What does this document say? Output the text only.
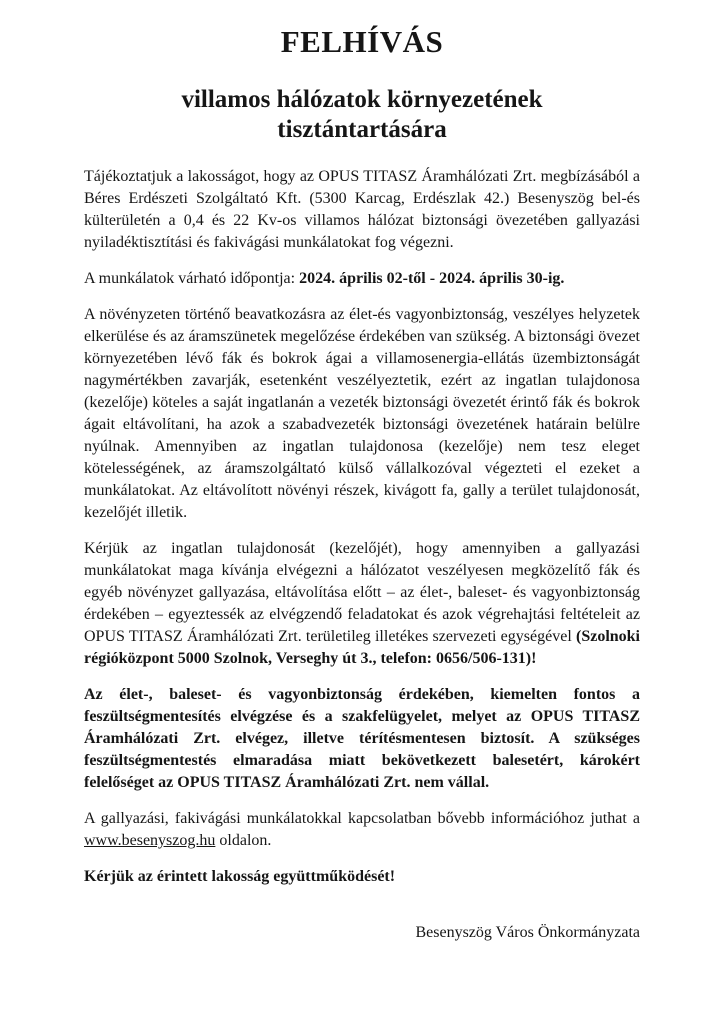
FELHÍVÁS
villamos hálózatok környezetének tisztántartására

Tájékoztatjuk a lakosságot, hogy az OPUS TITASZ Áramhálózati Zrt. megbízásából a Béres Erdészeti Szolgáltató Kft. (5300 Karcag, Erdészlak 42.) Besenyszög bel-és külterületén a 0,4 és 22 Kv-os villamos hálózat biztonsági övezetében gallyazási nyiladéktisztítási és fakivágási munkálatokat fog végezni.

A munkálatok várható időpontja: 2024. április 02-től - 2024. április 30-ig.

A növényzeten történő beavatkozásra az élet-és vagyonbiztonság, veszélyes helyzetek elkerülése és az áramszünetek megelőzése érdekében van szükség. A biztonsági övezet környezetében lévő fák és bokrok ágai a villamosenergia-ellátás üzembiztonságát nagymértékben zavarják, esetenként veszélyeztetik, ezért az ingatlan tulajdonosa (kezelője) köteles a saját ingatlanán a vezeték biztonsági övezetét érintő fák és bokrok ágait eltávolítani, ha azok a szabadvezeték biztonsági övezetének határain belülre nyúlnak. Amennyiben az ingatlan tulajdonosa (kezelője) nem tesz eleget kötelességének, az áramszolgáltató külső vállalkozóval végezteti el ezeket a munkálatokat. Az eltávolított növényi részek, kivágott fa, gally a terület tulajdonosát, kezelőjét illetik.

Kérjük az ingatlan tulajdonosát (kezelőjét), hogy amennyiben a gallyazási munkálatokat maga kívánja elvégezni a hálózatot veszélyesen megközelítő fák és egyéb növényzet gallyazása, eltávolítása előtt – az élet-, baleset- és vagyonbiztonság érdekében – egyeztessék az elvégzendő feladatokat és azok végrehajtási feltételeit az OPUS TITASZ Áramhálózati Zrt. területileg illetékes szervezeti egységével (Szolnoki régióközpont 5000 Szolnok, Verseghy út 3., telefon: 0656/506-131)!

Az élet-, baleset- és vagyonbiztonság érdekében, kiemelten fontos a feszültségmentesítés elvégzése és a szakfelügyelet, melyet az OPUS TITASZ Áramhálózati Zrt. elvégez, illetve térítésmentesen biztosít. A szükséges feszültségmentestés elmaradása miatt bekövetkezett balesetért, károkért felelőséget az OPUS TITASZ Áramhálózati Zrt. nem vállal.

A gallyazási, fakivágási munkálatokkal kapcsolatban bővebb információhoz juthat a www.besenyszog.hu oldalon.

Kérjük az érintett lakosság együttműködését!

Besenyszög Város Önkormányzata
